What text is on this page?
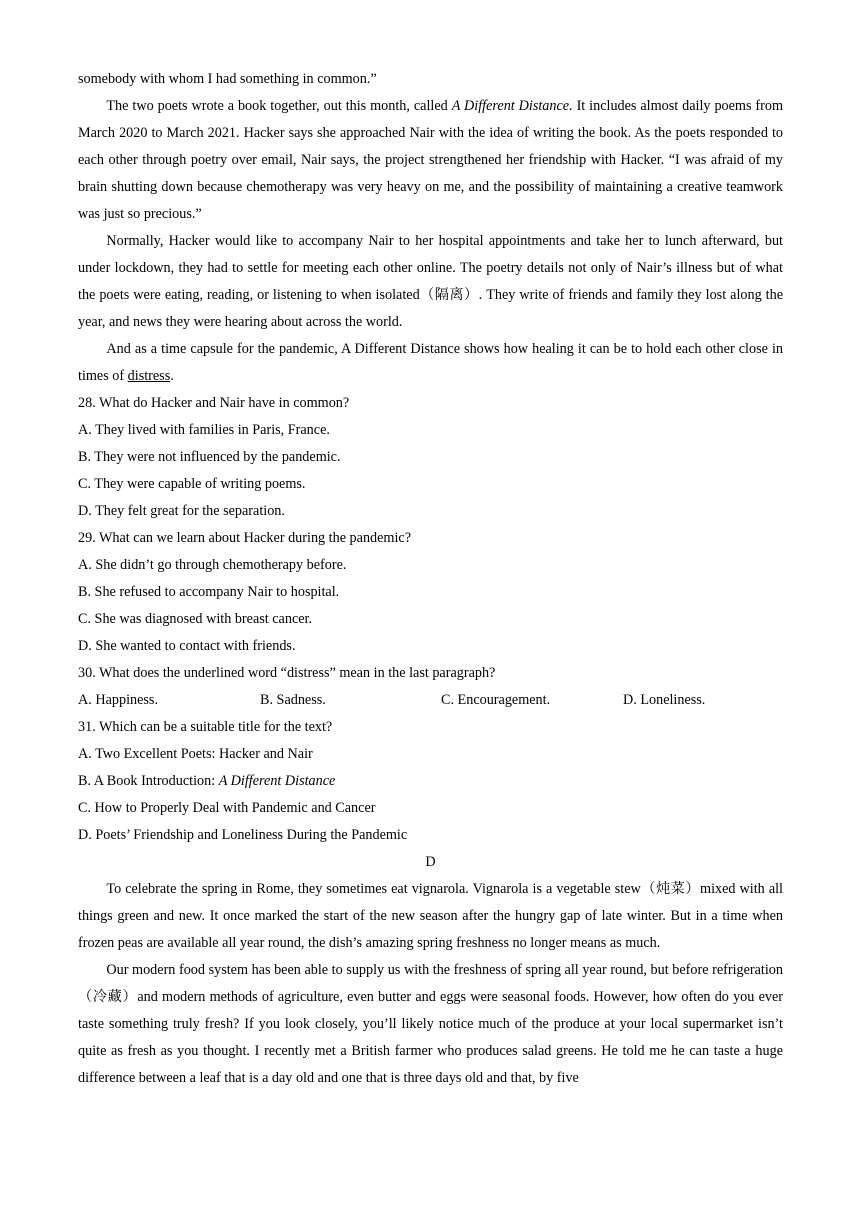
somebody with whom I had something in common.”

The two poets wrote a book together, out this month, called A Different Distance. It includes almost daily poems from March 2020 to March 2021. Hacker says she approached Nair with the idea of writing the book. As the poets responded to each other through poetry over email, Nair says, the project strengthened her friendship with Hacker. “I was afraid of my brain shutting down because chemotherapy was very heavy on me, and the possibility of maintaining a creative teamwork was just so precious.”

Normally, Hacker would like to accompany Nair to her hospital appointments and take her to lunch afterward, but under lockdown, they had to settle for meeting each other online. The poetry details not only of Nair’s illness but of what the poets were eating, reading, or listening to when isolated（隔离）. They write of friends and family they lost along the year, and news they were hearing about across the world.

And as a time capsule for the pandemic, A Different Distance shows how healing it can be to hold each other close in times of distress.

28. What do Hacker and Nair have in common?

A. They lived with families in Paris, France.

B. They were not influenced by the pandemic.

C. They were capable of writing poems.

D. They felt great for the separation.

29. What can we learn about Hacker during the pandemic?

A. She didn’t go through chemotherapy before.

B. She refused to accompany Nair to hospital.

C. She was diagnosed with breast cancer.

D. She wanted to contact with friends.

30. What does the underlined word “distress” mean in the last paragraph?

A. Happiness.	B. Sadness.	C. Encouragement.	D. Loneliness.

31. Which can be a suitable title for the text?

A. Two Excellent Poets: Hacker and Nair

B. A Book Introduction: A Different Distance

C. How to Properly Deal with Pandemic and Cancer

D. Poets’ Friendship and Loneliness During the Pandemic

D

To celebrate the spring in Rome, they sometimes eat vignarola. Vignarola is a vegetable stew（炖菜）mixed with all things green and new. It once marked the start of the new season after the hungry gap of late winter. But in a time when frozen peas are available all year round, the dish’s amazing spring freshness no longer means as much.

Our modern food system has been able to supply us with the freshness of spring all year round, but before refrigeration（冷藏）and modern methods of agriculture, even butter and eggs were seasonal foods. However, how often do you ever taste something truly fresh? If you look closely, you’ll likely notice much of the produce at your local supermarket isn’t quite as fresh as you thought. I recently met a British farmer who produces salad greens. He told me he can taste a huge difference between a leaf that is a day old and one that is three days old and that, by five
